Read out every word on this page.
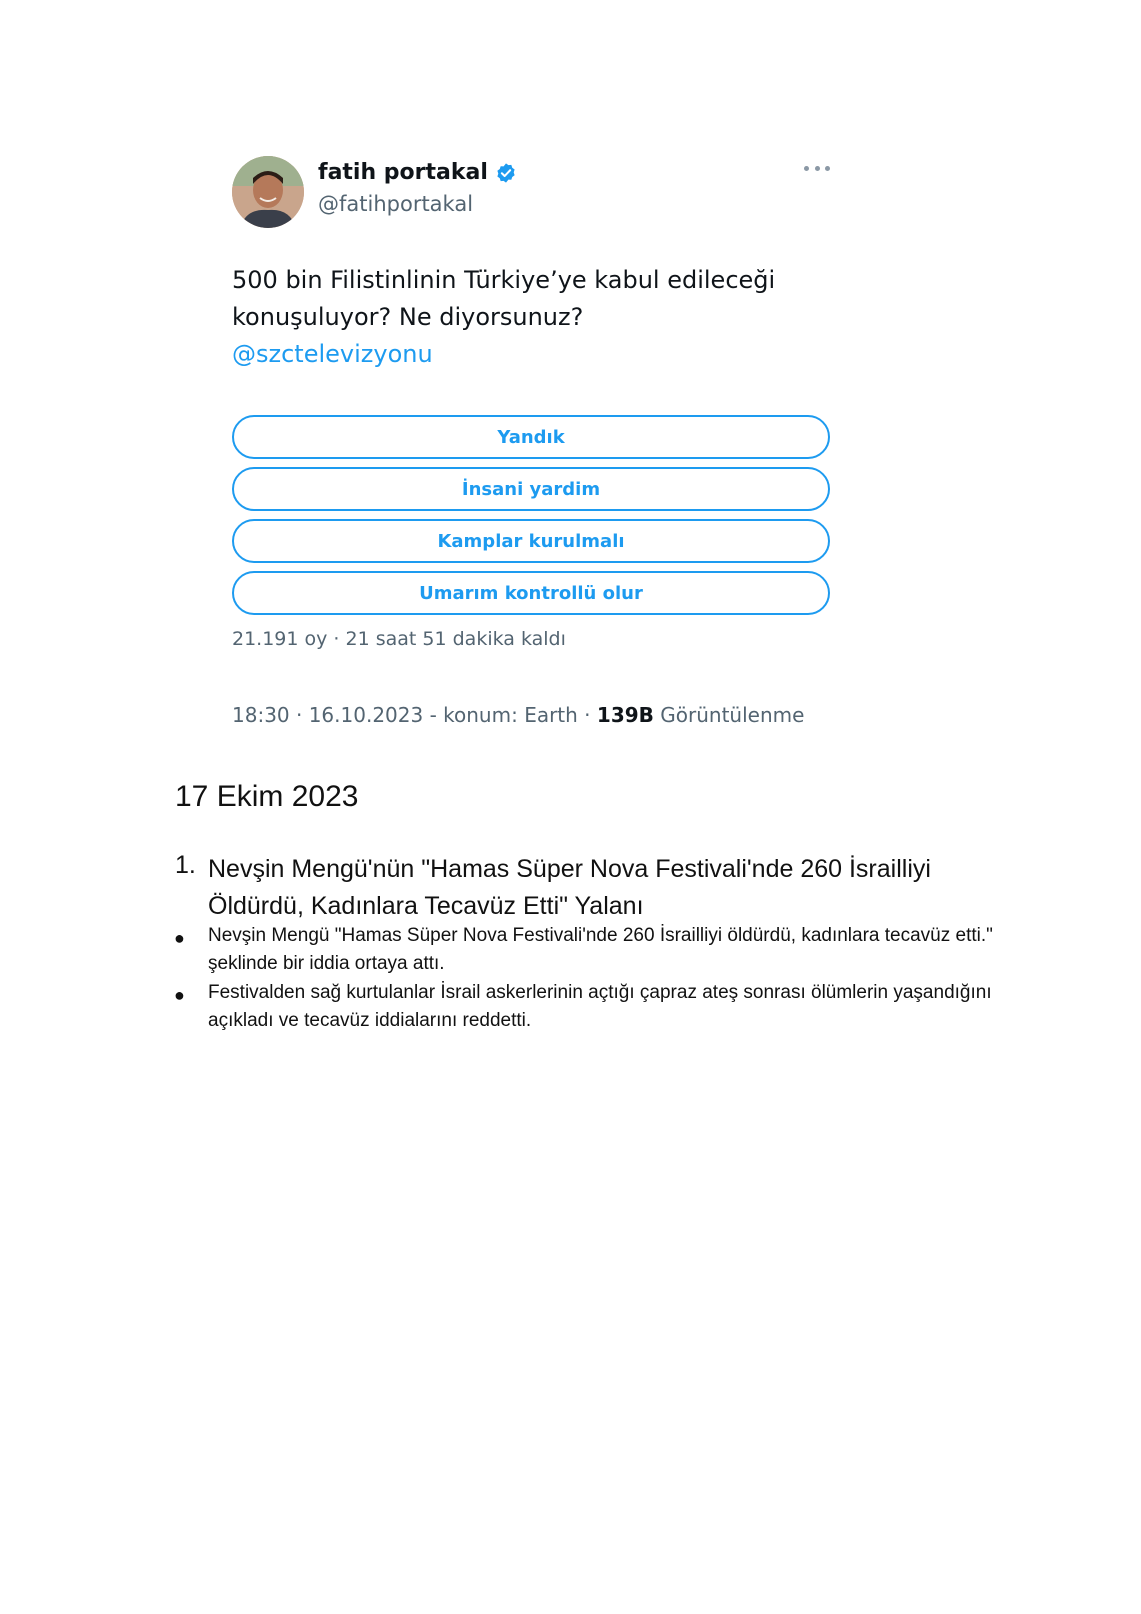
fatih portakal
@fatihportakal
500 bin Filistinlinin Türkiye’ye kabul edileceği
konuşuluyor? Ne diyorsunuz?
@szctelevizyonu
Yandık
İnsani yardim
Kamplar kurulmalı
Umarım kontrollü olur
21.191 oy · 21 saat 51 dakika kaldı
18:30 · 16.10.2023 - konum: Earth · 139B Görüntülenme
17 Ekim 2023
1. Nevşin Mengü'nün "Hamas Süper Nova Festivali'nde 260 İsrailliyi Öldürdü, Kadınlara Tecavüz Etti" Yalanı
● Nevşin Mengü "Hamas Süper Nova Festivali'nde 260 İsrailliyi öldürdü, kadınlara tecavüz etti." şeklinde bir iddia ortaya attı.
● Festivalden sağ kurtulanlar İsrail askerlerinin açtığı çapraz ateş sonrası ölümlerin yaşandığını açıkladı ve tecavüz iddialarını reddetti.
